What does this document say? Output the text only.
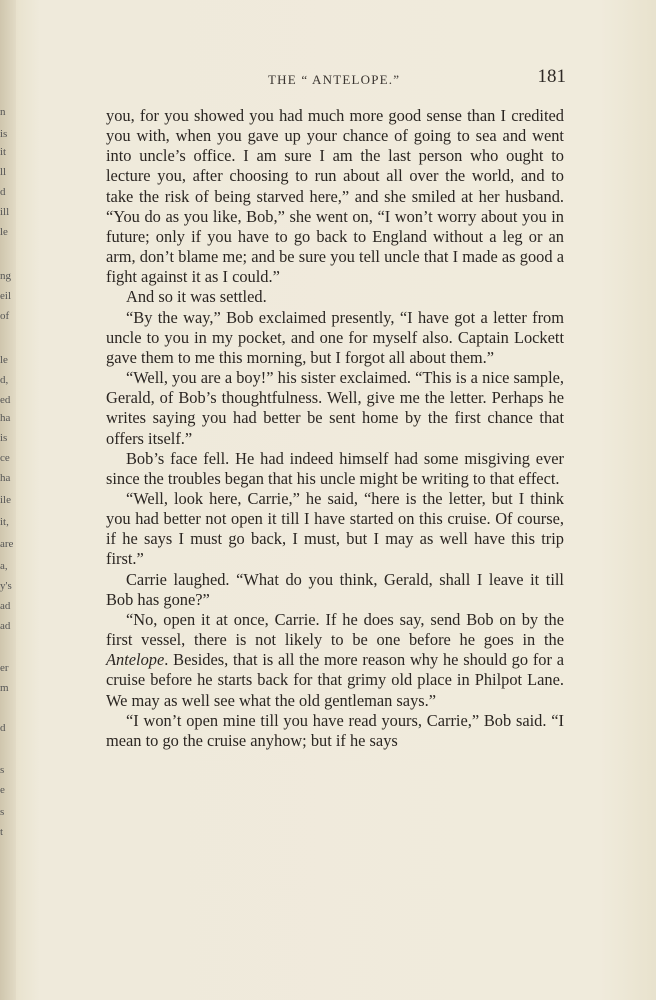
n
is
it
ll
d
ill
le
ng
eil
of
le
d,
ed
ha
is
ce
ha
ile
it,
are
a,
y's
ad
ad
er
m
d
s
e
s
t
THE “ ANTELOPE.”	181

you, for you showed you had much more good sense than I credited you with, when you gave up your chance of going to sea and went into uncle’s office. I am sure I am the last person who ought to lecture you, after choosing to run about all over the world, and to take the risk of being starved here,” and she smiled at her husband. “You do as you like, Bob,” she went on, “I won’t worry about you in future; only if you have to go back to England without a leg or an arm, don’t blame me; and be sure you tell uncle that I made as good a fight against it as I could.”

And so it was settled.

“By the way,” Bob exclaimed presently, “I have got a letter from uncle to you in my pocket, and one for myself also. Captain Lockett gave them to me this morning, but I forgot all about them.”

“Well, you are a boy!” his sister exclaimed. “This is a nice sample, Gerald, of Bob’s thoughtfulness. Well, give me the letter. Perhaps he writes saying you had better be sent home by the first chance that offers itself.”

Bob’s face fell. He had indeed himself had some misgiving ever since the troubles began that his uncle might be writing to that effect.

“Well, look here, Carrie,” he said, “here is the letter, but I think you had better not open it till I have started on this cruise. Of course, if he says I must go back, I must, but I may as well have this trip first.”

Carrie laughed. “What do you think, Gerald, shall I leave it till Bob has gone?”

“No, open it at once, Carrie. If he does say, send Bob on by the first vessel, there is not likely to be one before he goes in the Antelope. Besides, that is all the more reason why he should go for a cruise before he starts back for that grimy old place in Philpot Lane. We may as well see what the old gentleman says.”

“I won’t open mine till you have read yours, Carrie,” Bob said. “I mean to go the cruise anyhow; but if he says
